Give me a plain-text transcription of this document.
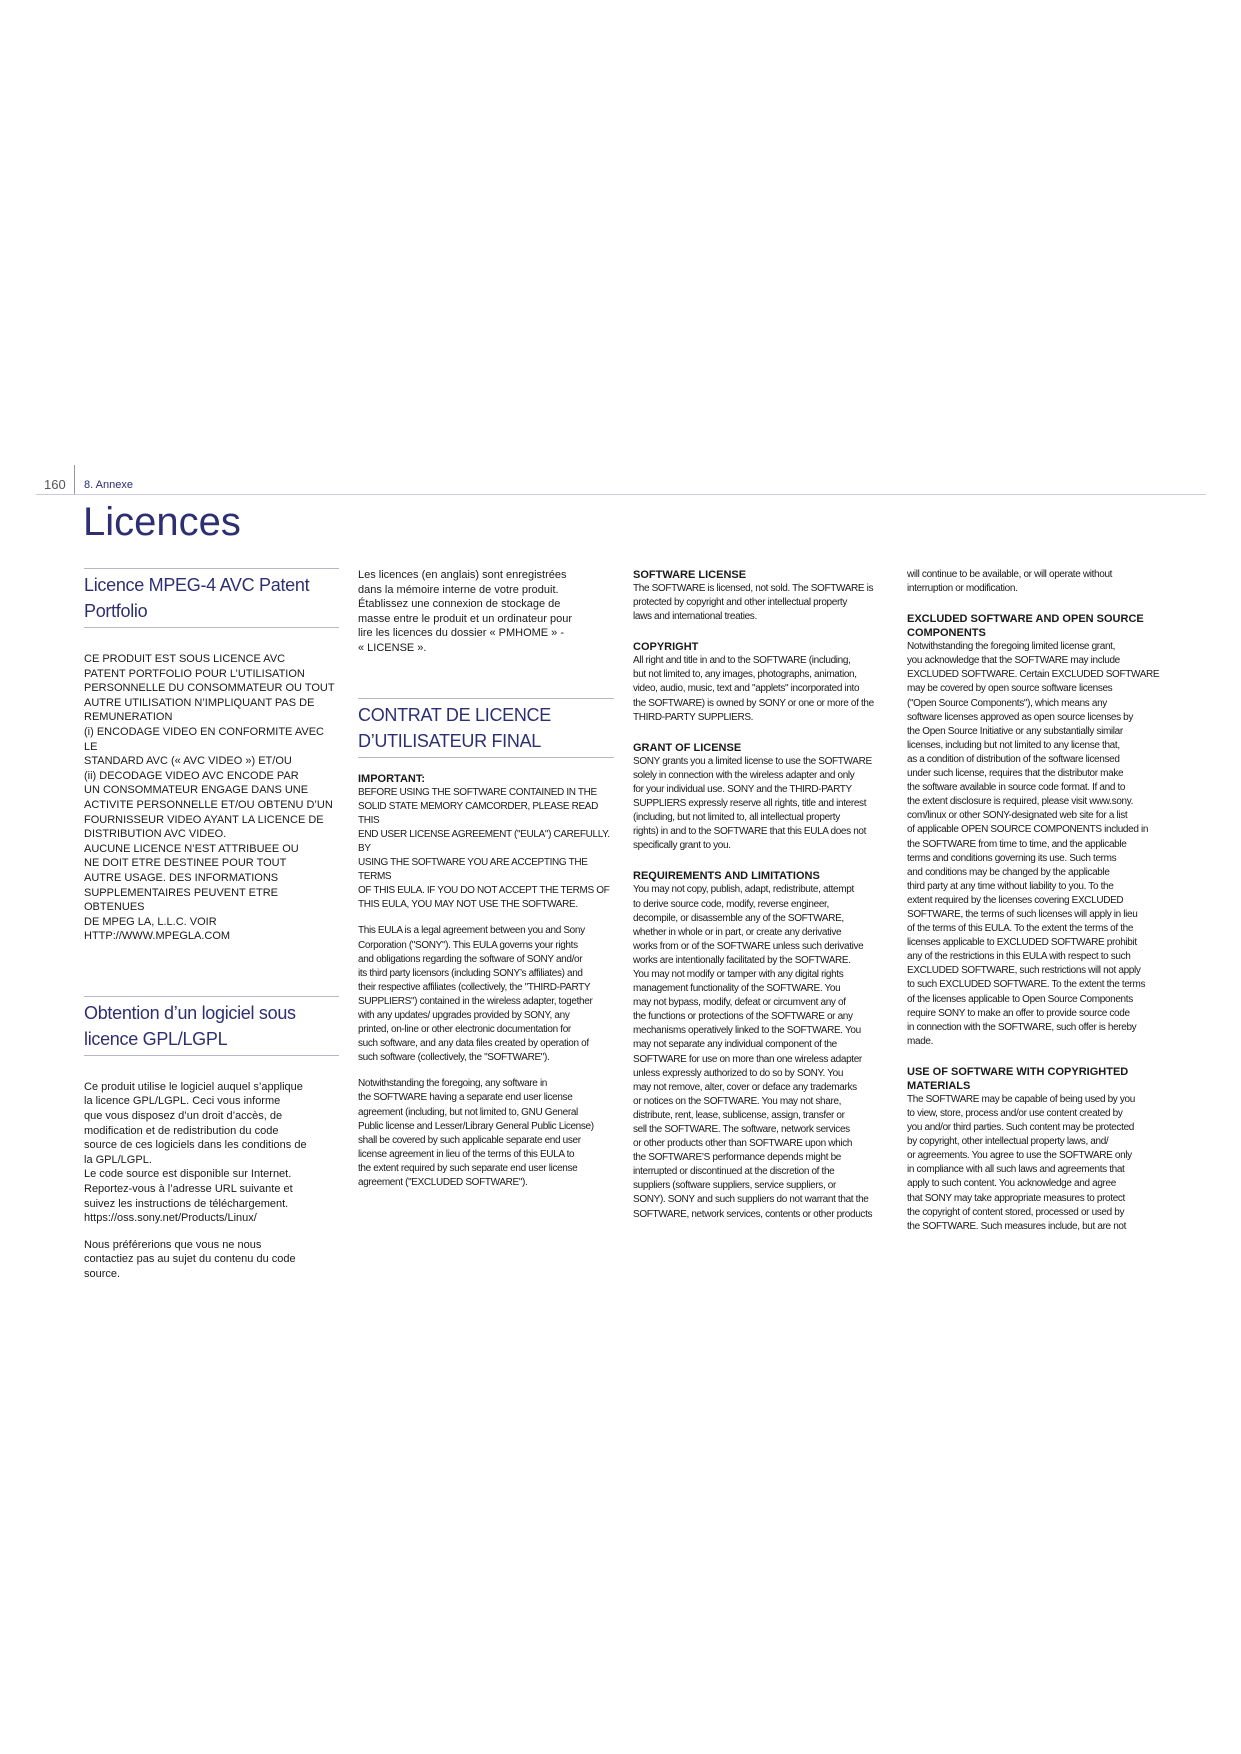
160 8. Annexe
Licences
Licence MPEG-4 AVC Patent Portfolio

CE PRODUIT EST SOUS LICENCE AVC
PATENT PORTFOLIO POUR L’UTILISATION
PERSONNELLE DU CONSOMMATEUR OU TOUT
AUTRE UTILISATION N’IMPLIQUANT PAS DE
REMUNERATION
(i) ENCODAGE VIDEO EN CONFORMITE AVEC LE
STANDARD AVC (« AVC VIDEO ») ET/OU
(ii) DECODAGE VIDEO AVC ENCODE PAR
UN CONSOMMATEUR ENGAGE DANS UNE
ACTIVITE PERSONNELLE ET/OU OBTENU D’UN
FOURNISSEUR VIDEO AYANT LA LICENCE DE
DISTRIBUTION AVC VIDEO.
AUCUNE LICENCE N’EST ATTRIBUEE OU
NE DOIT ETRE DESTINEE POUR TOUT
AUTRE USAGE. DES INFORMATIONS
SUPPLEMENTAIRES PEUVENT ETRE OBTENUES
DE MPEG LA, L.L.C. VOIR
HTTP://WWW.MPEGLA.COM

Obtention d’un logiciel sous licence GPL/LGPL

Ce produit utilise le logiciel auquel s’applique
la licence GPL/LGPL. Ceci vous informe
que vous disposez d’un droit d’accès, de
modification et de redistribution du code
source de ces logiciels dans les conditions de
la GPL/LGPL.
Le code source est disponible sur Internet.
Reportez-vous à l’adresse URL suivante et
suivez les instructions de téléchargement.
https://oss.sony.net/Products/Linux/

Nous préférerions que vous ne nous
contactiez pas au sujet du contenu du code
source.

Les licences (en anglais) sont enregistrées
dans la mémoire interne de votre produit.
Établissez une connexion de stockage de
masse entre le produit et un ordinateur pour
lire les licences du dossier « PMHOME » -
« LICENSE ».

CONTRAT DE LICENCE D’UTILISATEUR FINAL
IMPORTANT:

BEFORE USING THE SOFTWARE CONTAINED IN THE
SOLID STATE MEMORY CAMCORDER, PLEASE READ THIS
END USER LICENSE AGREEMENT ("EULA") CAREFULLY. BY
USING THE SOFTWARE YOU ARE ACCEPTING THE TERMS
OF THIS EULA. IF YOU DO NOT ACCEPT THE TERMS OF
THIS EULA, YOU MAY NOT USE THE SOFTWARE.

This EULA is a legal agreement between you and Sony
Corporation ("SONY"). This EULA governs your rights
and obligations regarding the software of SONY and/or
its third party licensors (including SONY’s affiliates) and
their respective affiliates (collectively, the "THIRD-PARTY
SUPPLIERS") contained in the wireless adapter, together
with any updates/ upgrades provided by SONY, any
printed, on-line or other electronic documentation for
such software, and any data files created by operation of
such software (collectively, the "SOFTWARE").

Notwithstanding the foregoing, any software in
the SOFTWARE having a separate end user license
agreement (including, but not limited to, GNU General
Public license and Lesser/Library General Public License)
shall be covered by such applicable separate end user
license agreement in lieu of the terms of this EULA to
the extent required by such separate end user license
agreement ("EXCLUDED SOFTWARE").

SOFTWARE LICENSE

The SOFTWARE is licensed, not sold. The SOFTWARE is
protected by copyright and other intellectual property
laws and international treaties.

COPYRIGHT

All right and title in and to the SOFTWARE (including,
but not limited to, any images, photographs, animation,
video, audio, music, text and "applets" incorporated into
the SOFTWARE) is owned by SONY or one or more of the
THIRD-PARTY SUPPLIERS.

GRANT OF LICENSE

SONY grants you a limited license to use the SOFTWARE
solely in connection with the wireless adapter and only
for your individual use. SONY and the THIRD-PARTY
SUPPLIERS expressly reserve all rights, title and interest
(including, but not limited to, all intellectual property
rights) in and to the SOFTWARE that this EULA does not
specifically grant to you.

REQUIREMENTS AND LIMITATIONS

You may not copy, publish, adapt, redistribute, attempt
to derive source code, modify, reverse engineer,
decompile, or disassemble any of the SOFTWARE,
whether in whole or in part, or create any derivative
works from or of the SOFTWARE unless such derivative
works are intentionally facilitated by the SOFTWARE.
You may not modify or tamper with any digital rights
management functionality of the SOFTWARE. You
may not bypass, modify, defeat or circumvent any of
the functions or protections of the SOFTWARE or any
mechanisms operatively linked to the SOFTWARE. You
may not separate any individual component of the
SOFTWARE for use on more than one wireless adapter
unless expressly authorized to do so by SONY. You
may not remove, alter, cover or deface any trademarks
or notices on the SOFTWARE. You may not share,
distribute, rent, lease, sublicense, assign, transfer or
sell the SOFTWARE. The software, network services
or other products other than SOFTWARE upon which
the SOFTWARE’S performance depends might be
interrupted or discontinued at the discretion of the
suppliers (software suppliers, service suppliers, or
SONY). SONY and such suppliers do not warrant that the
SOFTWARE, network services, contents or other products

will continue to be available, or will operate without
interruption or modification.

EXCLUDED SOFTWARE AND OPEN SOURCE COMPONENTS

Notwithstanding the foregoing limited license grant,
you acknowledge that the SOFTWARE may include
EXCLUDED SOFTWARE. Certain EXCLUDED SOFTWARE
may be covered by open source software licenses
("Open Source Components"), which means any
software licenses approved as open source licenses by
the Open Source Initiative or any substantially similar
licenses, including but not limited to any license that,
as a condition of distribution of the software licensed
under such license, requires that the distributor make
the software available in source code format. If and to
the extent disclosure is required, please visit www.sony.
com/linux or other SONY-designated web site for a list
of applicable OPEN SOURCE COMPONENTS included in
the SOFTWARE from time to time, and the applicable
terms and conditions governing its use. Such terms
and conditions may be changed by the applicable
third party at any time without liability to you. To the
extent required by the licenses covering EXCLUDED
SOFTWARE, the terms of such licenses will apply in lieu
of the terms of this EULA. To the extent the terms of the
licenses applicable to EXCLUDED SOFTWARE prohibit
any of the restrictions in this EULA with respect to such
EXCLUDED SOFTWARE, such restrictions will not apply
to such EXCLUDED SOFTWARE. To the extent the terms
of the licenses applicable to Open Source Components
require SONY to make an offer to provide source code
in connection with the SOFTWARE, such offer is hereby
made.

USE OF SOFTWARE WITH COPYRIGHTED MATERIALS

The SOFTWARE may be capable of being used by you
to view, store, process and/or use content created by
you and/or third parties. Such content may be protected
by copyright, other intellectual property laws, and/
or agreements. You agree to use the SOFTWARE only
in compliance with all such laws and agreements that
apply to such content. You acknowledge and agree
that SONY may take appropriate measures to protect
the copyright of content stored, processed or used by
the SOFTWARE. Such measures include, but are not
